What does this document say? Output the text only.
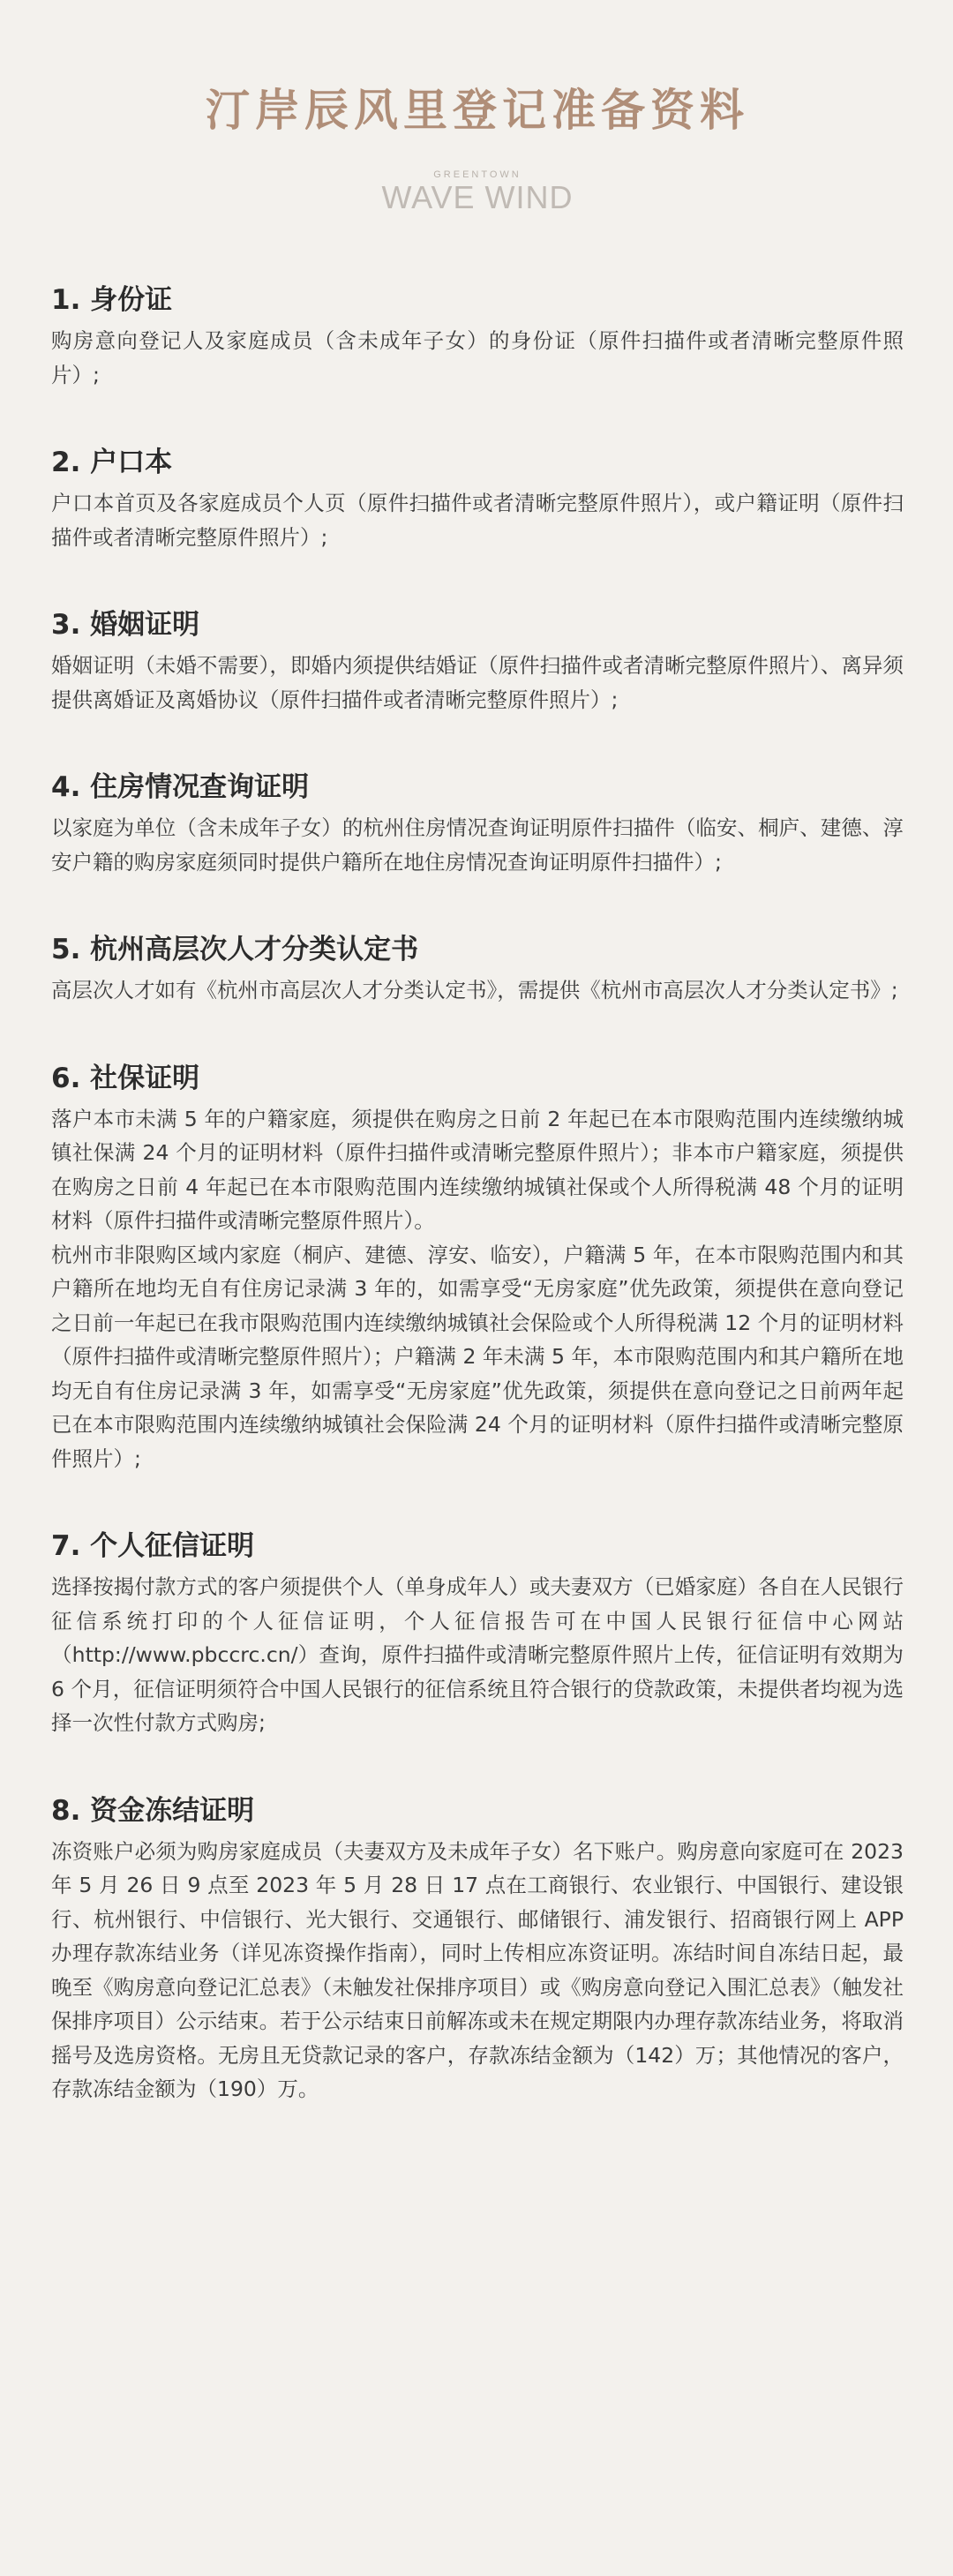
汀岸辰风里登记准备资料
GREENTOWN
WAVE WIND
1. 身份证

购房意向登记人及家庭成员（含未成年子女）的身份证（原件扫描件或者清晰完整原件照片）;

2. 户口本

户口本首页及各家庭成员个人页（原件扫描件或者清晰完整原件照片），或户籍证明（原件扫描件或者清晰完整原件照片）;

3. 婚姻证明

婚姻证明（未婚不需要），即婚内须提供结婚证（原件扫描件或者清晰完整原件照片）、离异须提供离婚证及离婚协议（原件扫描件或者清晰完整原件照片）;

4. 住房情况查询证明

以家庭为单位（含未成年子女）的杭州住房情况查询证明原件扫描件（临安、桐庐、建德、淳安户籍的购房家庭须同时提供户籍所在地住房情况查询证明原件扫描件）;

5. 杭州高层次人才分类认定书

高层次人才如有《杭州市高层次人才分类认定书》，需提供《杭州市高层次人才分类认定书》;

6. 社保证明

落户本市未满 5 年的户籍家庭，须提供在购房之日前 2 年起已在本市限购范围内连续缴纳城镇社保满 24 个月的证明材料（原件扫描件或清晰完整原件照片）；非本市户籍家庭，须提供在购房之日前 4 年起已在本市限购范围内连续缴纳城镇社保或个人所得税满 48 个月的证明材料（原件扫描件或清晰完整原件照片）。

杭州市非限购区域内家庭（桐庐、建德、淳安、临安），户籍满 5 年，在本市限购范围内和其户籍所在地均无自有住房记录满 3 年的，如需享受“无房家庭”优先政策，须提供在意向登记之日前一年起已在我市限购范围内连续缴纳城镇社会保险或个人所得税满 12 个月的证明材料（原件扫描件或清晰完整原件照片）；户籍满 2 年未满 5 年，本市限购范围内和其户籍所在地均无自有住房记录满 3 年，如需享受“无房家庭”优先政策，须提供在意向登记之日前两年起已在本市限购范围内连续缴纳城镇社会保险满 24 个月的证明材料（原件扫描件或清晰完整原件照片）;

7. 个人征信证明

选择按揭付款方式的客户须提供个人（单身成年人）或夫妻双方（已婚家庭）各自在人民银行征信系统打印的个人征信证明，个人征信报告可在中国人民银行征信中心网站（http://www.pbccrc.cn/）查询，原件扫描件或清晰完整原件照片上传，征信证明有效期为 6 个月，征信证明须符合中国人民银行的征信系统且符合银行的贷款政策，未提供者均视为选择一次性付款方式购房;

8. 资金冻结证明

冻资账户必须为购房家庭成员（夫妻双方及未成年子女）名下账户。购房意向家庭可在 2023 年 5 月 26 日 9 点至 2023 年 5 月 28 日 17 点在工商银行、农业银行、中国银行、建设银行、杭州银行、中信银行、光大银行、交通银行、邮储银行、浦发银行、招商银行网上 APP 办理存款冻结业务（详见冻资操作指南），同时上传相应冻资证明。冻结时间自冻结日起，最晚至《购房意向登记汇总表》（未触发社保排序项目）或《购房意向登记入围汇总表》（触发社保排序项目）公示结束。若于公示结束日前解冻或未在规定期限内办理存款冻结业务，将取消摇号及选房资格。无房且无贷款记录的客户，存款冻结金额为（142）万；其他情况的客户，存款冻结金额为（190）万。
